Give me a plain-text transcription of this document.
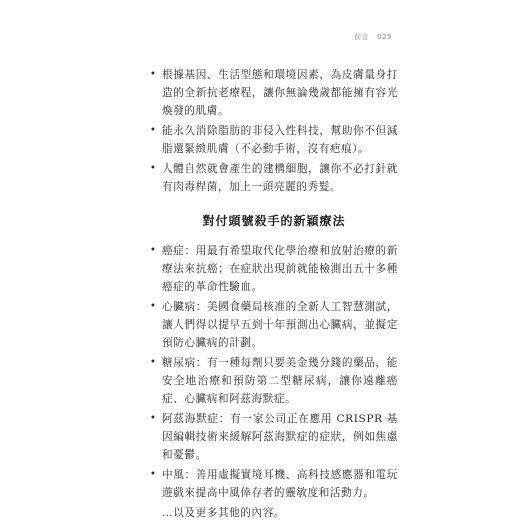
前言 025
• 根據基因、生活型態和環境因素，為皮膚量身打造的全新抗老療程，讓你無論幾歲都能擁有容光煥發的肌膚。
• 能永久消除脂肪的非侵入性科技，幫助你不但減脂還緊緻肌膚（不必動手術，沒有疤痕）。
• 人體自然就會產生的建構細胞，讓你不必打針就有肉毒桿菌，加上一頭亮麗的秀髮。
對付頭號殺手的新穎療法
• 癌症：用最有希望取代化學治療和放射治療的新療法來抗癌；在症狀出現前就能檢測出五十多種癌症的革命性驗血。
• 心臟病：美國食藥局核准的全新人工智慧測試，讓人們得以提早五到十年預測出心臟病，並擬定預防心臟病的計劃。
• 糖尿病：有一種每劑只要美金幾分錢的藥品，能安全地治療和預防第二型糖尿病，讓你遠離癌症、心臟病和阿茲海默症。
• 阿茲海默症：有一家公司正在應用 CRISPR 基因編輯技術來緩解阿茲海默症的症狀，例如焦慮和憂鬱。
• 中風：善用虛擬實境耳機、高科技感應器和電玩遊戲來提高中風倖存者的靈敏度和活動力。
…以及更多其他的內容。
